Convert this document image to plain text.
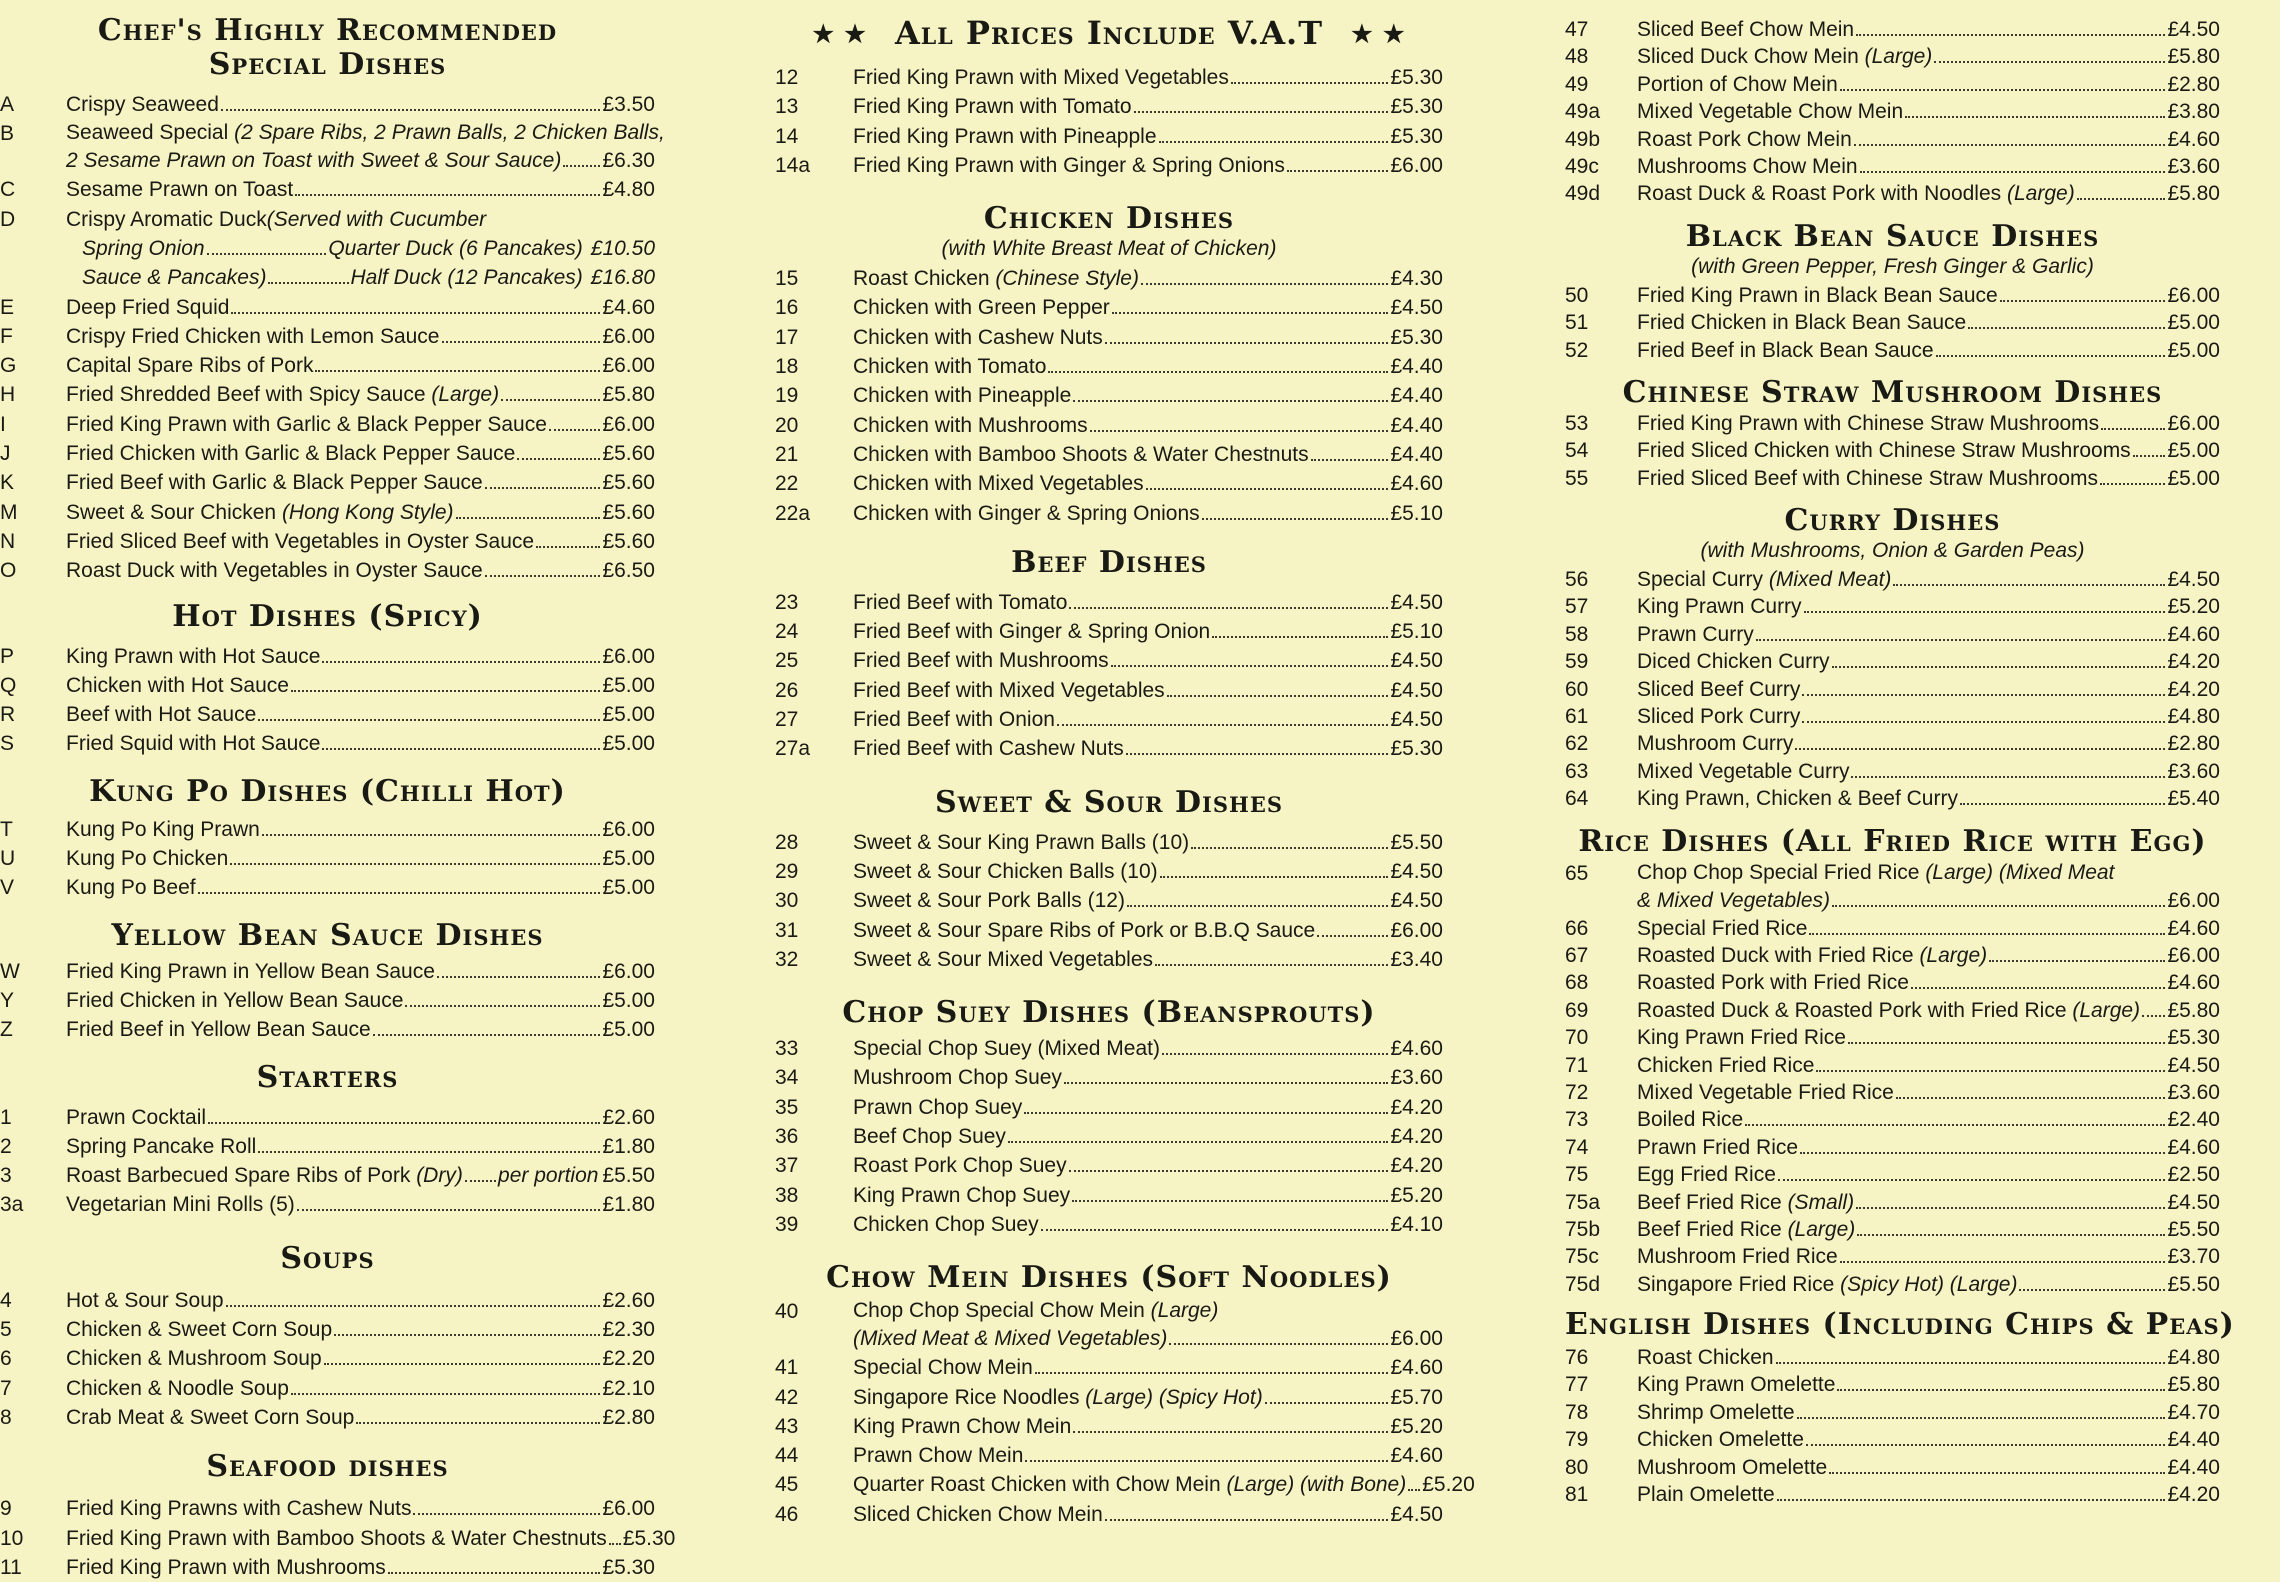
Chef's Highly Recommended
Special Dishes
A	Crispy Seaweed	£3.50
B	Seaweed Special (2 Spare Ribs, 2 Prawn Balls, 2 Chicken Balls,
2 Sesame Prawn on Toast with Sweet & Sour Sauce) £6.30
C	Sesame Prawn on Toast	£4.80
D	Crispy Aromatic Duck (Served with Cucumber
Spring Onion	Quarter Duck (6 Pancakes) £10.50
Sauce & Pancakes)	Half Duck (12 Pancakes) £16.80
E	Deep Fried Squid	£4.60
F	Crispy Fried Chicken with Lemon Sauce	£6.00
G	Capital Spare Ribs of Pork	£6.00
H	Fried Shredded Beef with Spicy Sauce (Large)	£5.80
I	Fried King Prawn with Garlic & Black Pepper Sauce	£6.00
J	Fried Chicken with Garlic & Black Pepper Sauce	£5.60
K	Fried Beef with Garlic & Black Pepper Sauce	£5.60
M	Sweet & Sour Chicken (Hong Kong Style)	£5.60
N	Fried Sliced Beef with Vegetables in Oyster Sauce	£5.60
O	Roast Duck with Vegetables in Oyster Sauce	£6.50
Hot Dishes (Spicy)
P	King Prawn with Hot Sauce	£6.00
Q	Chicken with Hot Sauce	£5.00
R	Beef with Hot Sauce	£5.00
S	Fried Squid with Hot Sauce	£5.00
Kung Po Dishes (Chilli Hot)
T	Kung Po King Prawn	£6.00
U	Kung Po Chicken	£5.00
V	Kung Po Beef	£5.00
Yellow Bean Sauce Dishes
W	Fried King Prawn in Yellow Bean Sauce	£6.00
Y	Fried Chicken in Yellow Bean Sauce	£5.00
Z	Fried Beef in Yellow Bean Sauce	£5.00
Starters
1	Prawn Cocktail	£2.60
2	Spring Pancake Roll	£1.80
3	Roast Barbecued Spare Ribs of Pork (Dry) per portion £5.50
3a	Vegetarian Mini Rolls (5)	£1.80
Soups
4	Hot & Sour Soup	£2.60
5	Chicken & Sweet Corn Soup	£2.30
6	Chicken & Mushroom Soup	£2.20
7	Chicken & Noodle Soup	£2.10
8	Crab Meat & Sweet Corn Soup	£2.80
Seafood dishes
9	Fried King Prawns with Cashew Nuts	£6.00
10	Fried King Prawn with Bamboo Shoots & Water Chestnuts £5.30
11	Fried King Prawn with Mushrooms	£5.30
★ ★ All Prices Include V.A.T ★ ★
12	Fried King Prawn with Mixed Vegetables	£5.30
13	Fried King Prawn with Tomato	£5.30
14	Fried King Prawn with Pineapple	£5.30
14a	Fried King Prawn with Ginger & Spring Onions	£6.00
Chicken Dishes
(with White Breast Meat of Chicken)
15	Roast Chicken (Chinese Style)	£4.30
16	Chicken with Green Pepper	£4.50
17	Chicken with Cashew Nuts	£5.30
18	Chicken with Tomato	£4.40
19	Chicken with Pineapple	£4.40
20	Chicken with Mushrooms	£4.40
21	Chicken with Bamboo Shoots & Water Chestnuts	£4.40
22	Chicken with Mixed Vegetables	£4.60
22a	Chicken with Ginger & Spring Onions	£5.10
Beef Dishes
23	Fried Beef with Tomato	£4.50
24	Fried Beef with Ginger & Spring Onion	£5.10
25	Fried Beef with Mushrooms	£4.50
26	Fried Beef with Mixed Vegetables	£4.50
27	Fried Beef with Onion	£4.50
27a	Fried Beef with Cashew Nuts	£5.30
Sweet & Sour Dishes
28	Sweet & Sour King Prawn Balls (10)	£5.50
29	Sweet & Sour Chicken Balls (10)	£4.50
30	Sweet & Sour Pork Balls (12)	£4.50
31	Sweet & Sour Spare Ribs of Pork or B.B.Q Sauce	£6.00
32	Sweet & Sour Mixed Vegetables	£3.40
Chop Suey Dishes (Beansprouts)
33	Special Chop Suey (Mixed Meat)	£4.60
34	Mushroom Chop Suey	£3.60
35	Prawn Chop Suey	£4.20
36	Beef Chop Suey	£4.20
37	Roast Pork Chop Suey	£4.20
38	King Prawn Chop Suey	£5.20
39	Chicken Chop Suey	£4.10
Chow Mein Dishes (Soft Noodles)
40	Chop Chop Special Chow Mein (Large)
(Mixed Meat & Mixed Vegetables)	£6.00
41	Special Chow Mein	£4.60
42	Singapore Rice Noodles (Large) (Spicy Hot)	£5.70
43	King Prawn Chow Mein	£5.20
44	Prawn Chow Mein	£4.60
45	Quarter Roast Chicken with Chow Mein (Large) (with Bone) £5.20
46	Sliced Chicken Chow Mein	£4.50
47	Sliced Beef Chow Mein	£4.50
48	Sliced Duck Chow Mein (Large)	£5.80
49	Portion of Chow Mein	£2.80
49a	Mixed Vegetable Chow Mein	£3.80
49b	Roast Pork Chow Mein	£4.60
49c	Mushrooms Chow Mein	£3.60
49d	Roast Duck & Roast Pork with Noodles (Large)	£5.80
Black Bean Sauce Dishes
(with Green Pepper, Fresh Ginger & Garlic)
50	Fried King Prawn in Black Bean Sauce	£6.00
51	Fried Chicken in Black Bean Sauce	£5.00
52	Fried Beef in Black Bean Sauce	£5.00
Chinese Straw Mushroom Dishes
53	Fried King Prawn with Chinese Straw Mushrooms	£6.00
54	Fried Sliced Chicken with Chinese Straw Mushrooms £5.00
55	Fried Sliced Beef with Chinese Straw Mushrooms	£5.00
Curry Dishes
(with Mushrooms, Onion & Garden Peas)
56	Special Curry (Mixed Meat)	£4.50
57	King Prawn Curry	£5.20
58	Prawn Curry	£4.60
59	Diced Chicken Curry	£4.20
60	Sliced Beef Curry	£4.20
61	Sliced Pork Curry	£4.80
62	Mushroom Curry	£2.80
63	Mixed Vegetable Curry	£3.60
64	King Prawn, Chicken & Beef Curry	£5.40
Rice Dishes (All Fried Rice with Egg)
65	Chop Chop Special Fried Rice (Large) (Mixed Meat
& Mixed Vegetables)	£6.00
66	Special Fried Rice	£4.60
67	Roasted Duck with Fried Rice (Large)	£6.00
68	Roasted Pork with Fried Rice	£4.60
69	Roasted Duck & Roasted Pork with Fried Rice (Large) £5.80
70	King Prawn Fried Rice	£5.30
71	Chicken Fried Rice	£4.50
72	Mixed Vegetable Fried Rice	£3.60
73	Boiled Rice	£2.40
74	Prawn Fried Rice	£4.60
75	Egg Fried Rice	£2.50
75a	Beef Fried Rice (Small)	£4.50
75b	Beef Fried Rice (Large)	£5.50
75c	Mushroom Fried Rice	£3.70
75d	Singapore Fried Rice (Spicy Hot) (Large)	£5.50
English Dishes (Including Chips & Peas)
76	Roast Chicken	£4.80
77	King Prawn Omelette	£5.80
78	Shrimp Omelette	£4.70
79	Chicken Omelette	£4.40
80	Mushroom Omelette	£4.40
81	Plain Omelette	£4.20
